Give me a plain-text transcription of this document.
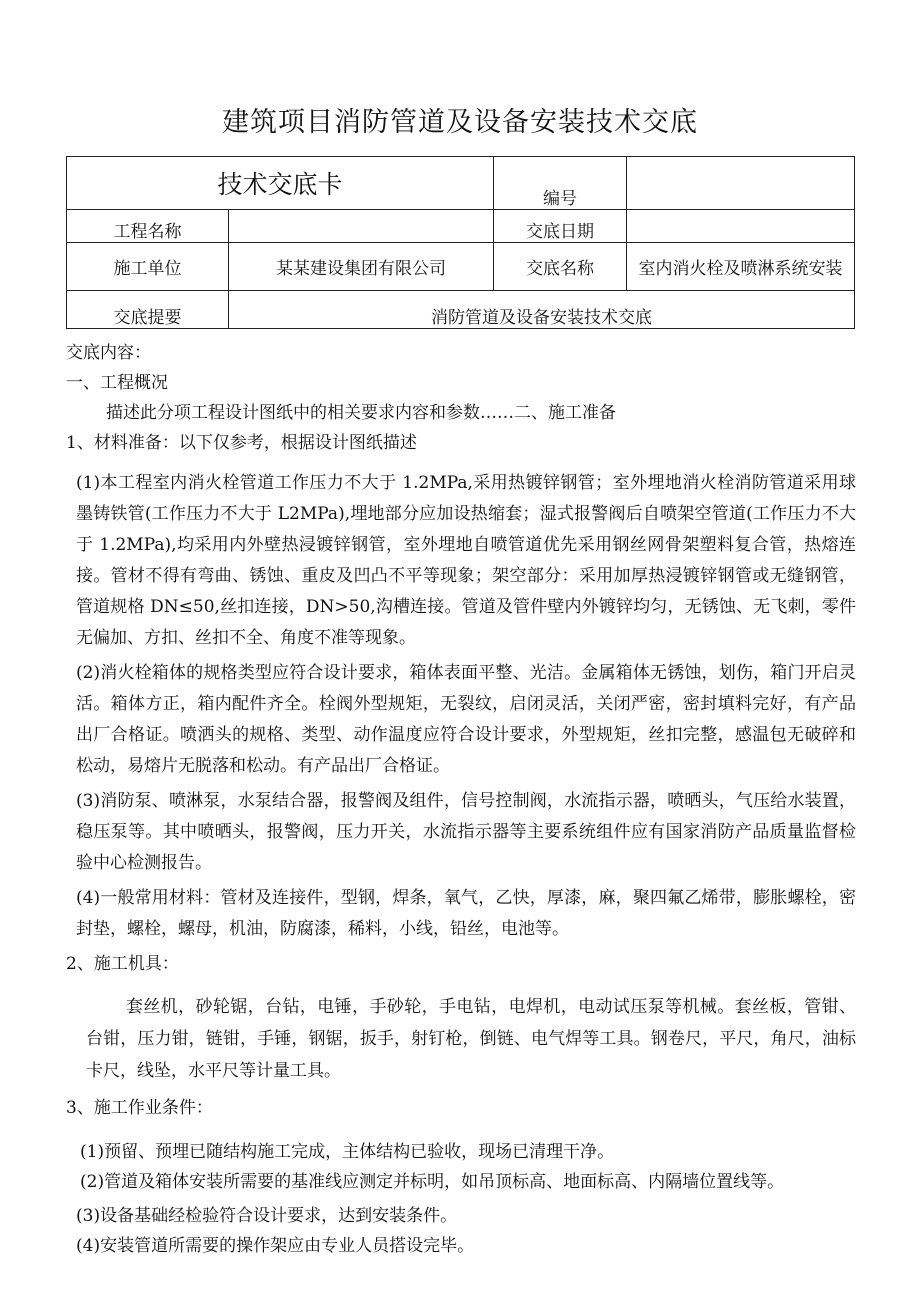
建筑项目消防管道及设备安装技术交底
技术交底卡		编号	
工程名称		交底日期	
施工单位	某某建设集团有限公司	交底名称	室内消火栓及喷淋系统安装
交底提要	消防管道及设备安装技术交底		
交底内容：
一、工程概况
描述此分项工程设计图纸中的相关要求内容和参数……二、施工准备
1、材料准备：以下仅参考，根据设计图纸描述
(1)本工程室内消火栓管道工作压力不大于 1.2MPa,采用热镀锌钢管；室外埋地消火栓消防管道采用球墨铸铁管(工作压力不大于 L2MPa),埋地部分应加设热缩套；湿式报警阀后自喷架空管道(工作压力不大于 1.2MPa),均采用内外壁热浸镀锌钢管，室外埋地自喷管道优先采用钢丝网骨架塑料复合管，热熔连接。管材不得有弯曲、锈蚀、重皮及凹凸不平等现象；架空部分：采用加厚热浸镀锌钢管或无缝钢管，管道规格 DN≤50,丝扣连接，DN>50,沟槽连接。管道及管件壁内外镀锌均匀，无锈蚀、无飞刺，零件无偏加、方扣、丝扣不全、角度不准等现象。
(2)消火栓箱体的规格类型应符合设计要求，箱体表面平整、光洁。金属箱体无锈蚀，划伤，箱门开启灵活。箱体方正，箱内配件齐全。栓阀外型规矩，无裂纹，启闭灵活，关闭严密，密封填料完好，有产品出厂合格证。喷洒头的规格、类型、动作温度应符合设计要求，外型规矩，丝扣完整，感温包无破碎和松动，易熔片无脱落和松动。有产品出厂合格证。
(3)消防泵、喷淋泵，水泵结合器，报警阀及组件，信号控制阀，水流指示器，喷晒头，气压给水装置，稳压泵等。其中喷晒头，报警阀，压力开关，水流指示器等主要系统组件应有国家消防产品质量监督检验中心检测报告。
(4)一般常用材料：管材及连接件，型钢，焊条，氧气，乙快，厚漆，麻，聚四氟乙烯带，膨胀螺栓，密封垫，螺栓，螺母，机油，防腐漆，稀料，小线，铅丝，电池等。
2、施工机具：
套丝机，砂轮锯，台钻，电锤，手砂轮，手电钻，电焊机，电动试压泵等机械。套丝板，管钳、台钳，压力钳，链钳，手锤，钢锯，扳手，射钉枪，倒链、电气焊等工具。钢卷尺，平尺，角尺，油标卡尺，线坠，水平尺等计量工具。
3、施工作业条件：
(1)预留、预埋已随结构施工完成，主体结构已验收，现场已清理干净。
(2)管道及箱体安装所需要的基准线应测定并标明，如吊顶标高、地面标高、内隔墙位置线等。
(3)设备基础经检验符合设计要求，达到安装条件。
(4)安装管道所需要的操作架应由专业人员搭设完毕。
